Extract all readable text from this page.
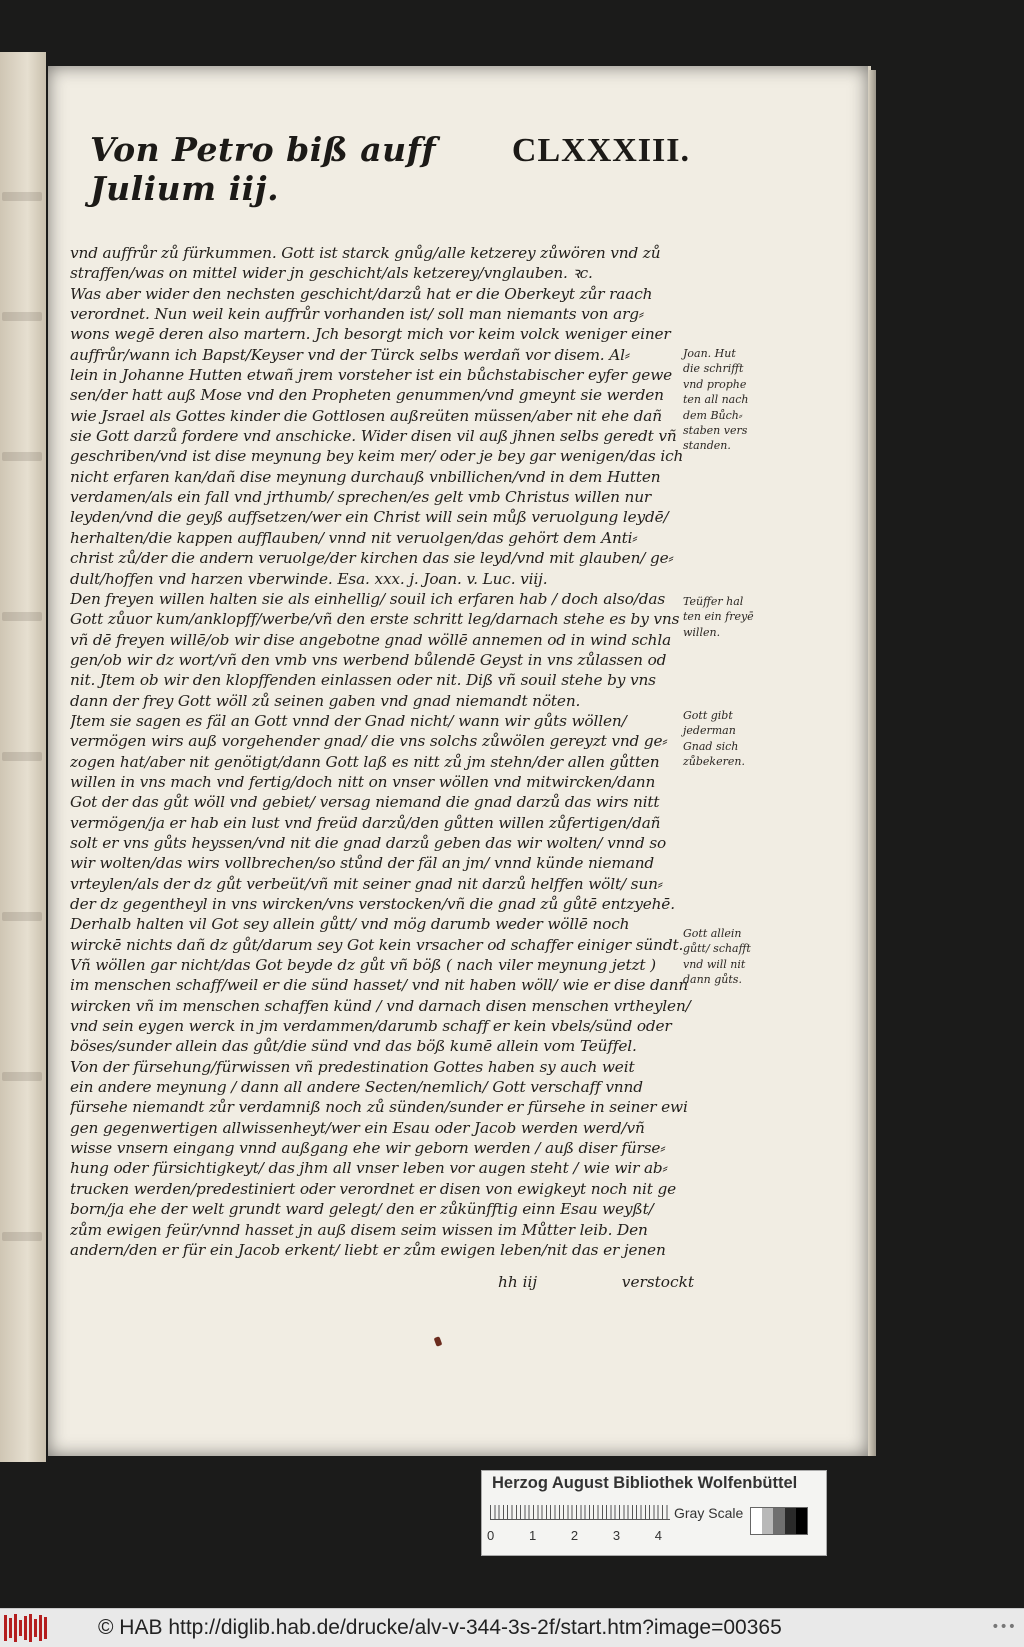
Von Petro biß auff Julium iij.
CLXXXIII.
vnd auffrůr zů fürkummen. Gott ist starck gnůg/alle ketzerey zůwören vnd zů
straffen/was on mittel wider jn geschicht/als ketzerey/vnglauben. ꝛc.
Was aber wider den nechsten geschicht/darzů hat er die Oberkeyt zůr raach
verordnet. Nun weil kein auffrůr vorhanden ist/ soll man niemants von arg⸗
wons wegē deren also martern. Jch besorgt mich vor keim volck weniger einer
auffrůr/wann ich Bapst/Keyser vnd der Türck selbs werdañ vor disem. Al⸗
lein in Johanne Hutten etwañ jrem vorsteher ist ein bůchstabischer eyfer gewe
sen/der hatt auß Mose vnd den Propheten genummen/vnd gmeynt sie werden
wie Jsrael als Gottes kinder die Gottlosen außreüten müssen/aber nit ehe dañ
sie Gott darzů fordere vnd anschicke. Wider disen vil auß jhnen selbs geredt vñ
geschriben/vnd ist dise meynung bey keim mer/ oder je bey gar wenigen/das ich
nicht erfaren kan/dañ dise meynung durchauß vnbillichen/vnd in dem Hutten
verdamen/als ein fall vnd jrthumb/ sprechen/es gelt vmb Christus willen nur
leyden/vnd die geyß auffsetzen/wer ein Christ will sein můß veruolgung leydē/
herhalten/die kappen aufflauben/ vnnd nit veruolgen/das gehört dem Anti⸗
christ zů/der die andern veruolge/der kirchen das sie leyd/vnd mit glauben/ ge⸗
dult/hoffen vnd harzen vberwinde. Esa. xxx. j. Joan. v. Luc. viij.
Den freyen willen halten sie als einhellig/ souil ich erfaren hab / doch also/das
Gott zůuor kum/anklopff/werbe/vñ den erste schritt leg/darnach stehe es by vns
vñ dē freyen willē/ob wir dise angebotne gnad wöllē annemen od in wind schla
gen/ob wir dz wort/vñ den vmb vns werbend bůlendē Geyst in vns zůlassen od
nit. Jtem ob wir den klopffenden einlassen oder nit. Diß vñ souil stehe by vns
dann der frey Gott wöll zů seinen gaben vnd gnad niemandt nöten.
Jtem sie sagen es fäl an Gott vnnd der Gnad nicht/ wann wir gůts wöllen/
vermögen wirs auß vorgehender gnad/ die vns solchs zůwölen gereyzt vnd ge⸗
zogen hat/aber nit genötigt/dann Gott laß es nitt zů jm stehn/der allen gůtten
willen in vns mach vnd fertig/doch nitt on vnser wöllen vnd mitwircken/dann
Got der das gůt wöll vnd gebiet/ versag niemand die gnad darzů das wirs nitt
vermögen/ja er hab ein lust vnd freüd darzů/den gůtten willen zůfertigen/dañ
solt er vns gůts heyssen/vnd nit die gnad darzů geben das wir wolten/ vnnd so
wir wolten/das wirs vollbrechen/so stůnd der fäl an jm/ vnnd künde niemand
vrteylen/als der dz gůt verbeüt/vñ mit seiner gnad nit darzů helffen wölt/ sun⸗
der dz gegentheyl in vns wircken/vns verstocken/vñ die gnad zů gůtē entzyehē.
Derhalb halten vil Got sey allein gůtt/ vnd mög darumb weder wöllē noch
wirckē nichts dañ dz gůt/darum sey Got kein vrsacher od schaffer einiger sündt.
Vñ wöllen gar nicht/das Got beyde dz gůt vñ böß ( nach viler meynung jetzt )
im menschen schaff/weil er die sünd hasset/ vnd nit haben wöll/ wie er dise dann
wircken vñ im menschen schaffen künd / vnd darnach disen menschen vrtheylen/
vnd sein eygen werck in jm verdammen/darumb schaff er kein vbels/sünd oder
böses/sunder allein das gůt/die sünd vnd das böß kumē allein vom Teüffel.
Von der fürsehung/fürwissen vñ predestination Gottes haben sy auch weit
ein andere meynung / dann all andere Secten/nemlich/ Gott verschaff vnnd
fürsehe niemandt zůr verdamniß noch zů sünden/sunder er fürsehe in seiner ewi
gen gegenwertigen allwissenheyt/wer ein Esau oder Jacob werden werd/vñ
wisse vnsern eingang vnnd außgang ehe wir geborn werden / auß diser fürse⸗
hung oder fürsichtigkeyt/ das jhm all vnser leben vor augen steht / wie wir ab⸗
trucken werden/predestiniert oder verordnet er disen von ewigkeyt noch nit ge
born/ja ehe der welt grundt ward gelegt/ den er zůkünfftig einn Esau weyßt/
zům ewigen feür/vnnd hasset jn auß disem seim wissen im Můtter leib. Den
andern/den er für ein Jacob erkent/ liebt er zům ewigen leben/nit das er jenen
Joan. Hut
die schrifft
vnd prophe
ten all nach
dem Bůch⸗
staben vers
standen.
Teüffer hal
ten ein freyē
willen.
Gott gibt
jederman
Gnad sich
zůbekeren.
Gott allein
gůtt/ schafft
vnd will nit
dann gůts.
hh iij	verstockt
Herzog August Bibliothek Wolfenbüttel
0	1	2	3	4
Gray Scale
© HAB http://diglib.hab.de/drucke/alv-v-344-3s-2f/start.htm?image=00365	•••
